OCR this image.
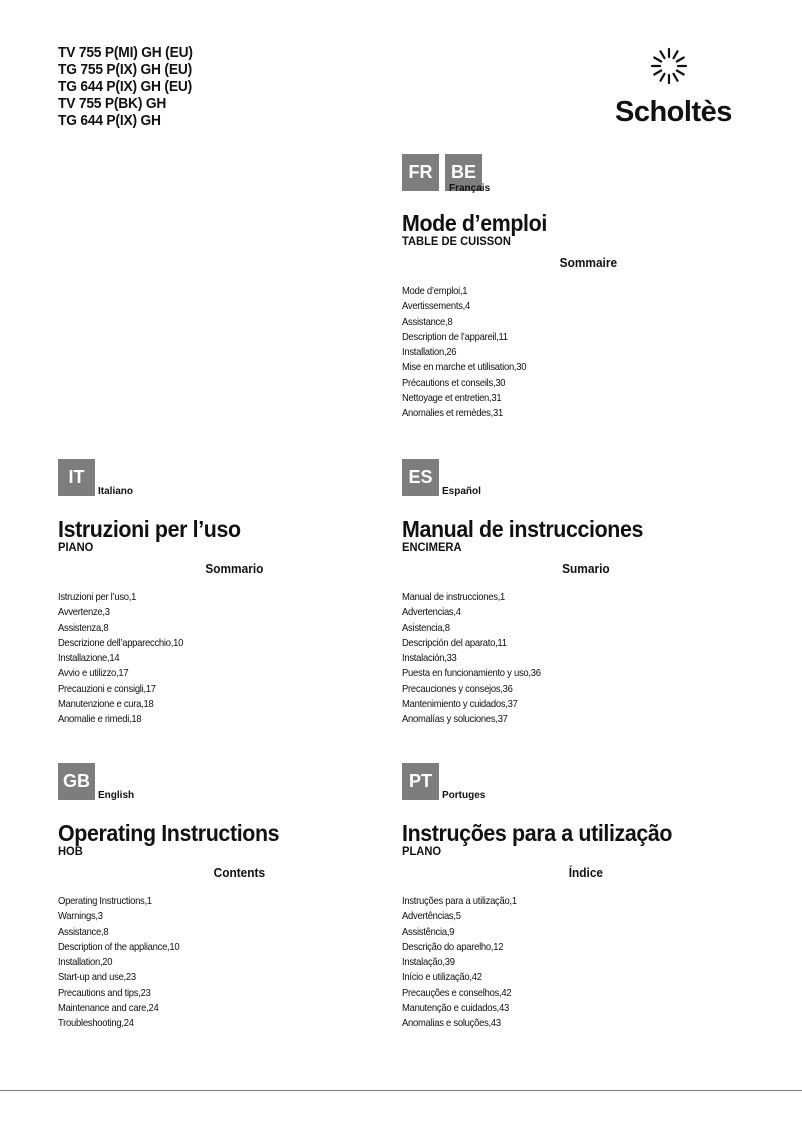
TV 755 P(MI) GH (EU)
TG 755 P(IX) GH (EU)
TG 644 P(IX) GH (EU)
TV 755 P(BK) GH
TG 644 P(IX) GH	Scholtès
FR	BE
Français
Mode d’emploi
TABLE DE CUISSON
Sommaire
Mode d’emploi,1
Avertissements,4
Assistance,8
Description de l’appareil,11
Installation,26
Mise en marche et utilisation,30
Précautions et conseils,30
Nettoyage et entretien,31
Anomalies et remèdes,31
IT
Italiano
Istruzioni per l’uso
PIANO
Sommario
Istruzioni per l’uso,1
Avvertenze,3
Assistenza,8
Descrizione dell’apparecchio,10
Installazione,14
Avvio e utilizzo,17
Precauzioni e consigli,17
Manutenzione e cura,18
Anomalie e rimedi,18
ES
Español
Manual de instrucciones
ENCIMERA
Sumario
Manual de instrucciones,1
Advertencias,4
Asistencia,8
Descripción del aparato,11
Instalación,33
Puesta en funcionamiento y uso,36
Precauciones y consejos,36
Mantenimiento y cuidados,37
Anomalías y soluciones,37
GB
English
Operating Instructions
HOB
Contents
Operating Instructions,1
Warnings,3
Assistance,8
Description of the appliance,10
Installation,20
Start-up and use,23
Precautions and tips,23
Maintenance and care,24
Troubleshooting,24
PT
Portuges
Instruções para a utilização
PLANO
Índice
Instruções para a utilização,1
Advertências,5
Assistência,9
Descrição do aparelho,12
Instalação,39
Início e utilização,42
Precauções e conselhos,42
Manutenção e cuidados,43
Anomalias e soluções,43
